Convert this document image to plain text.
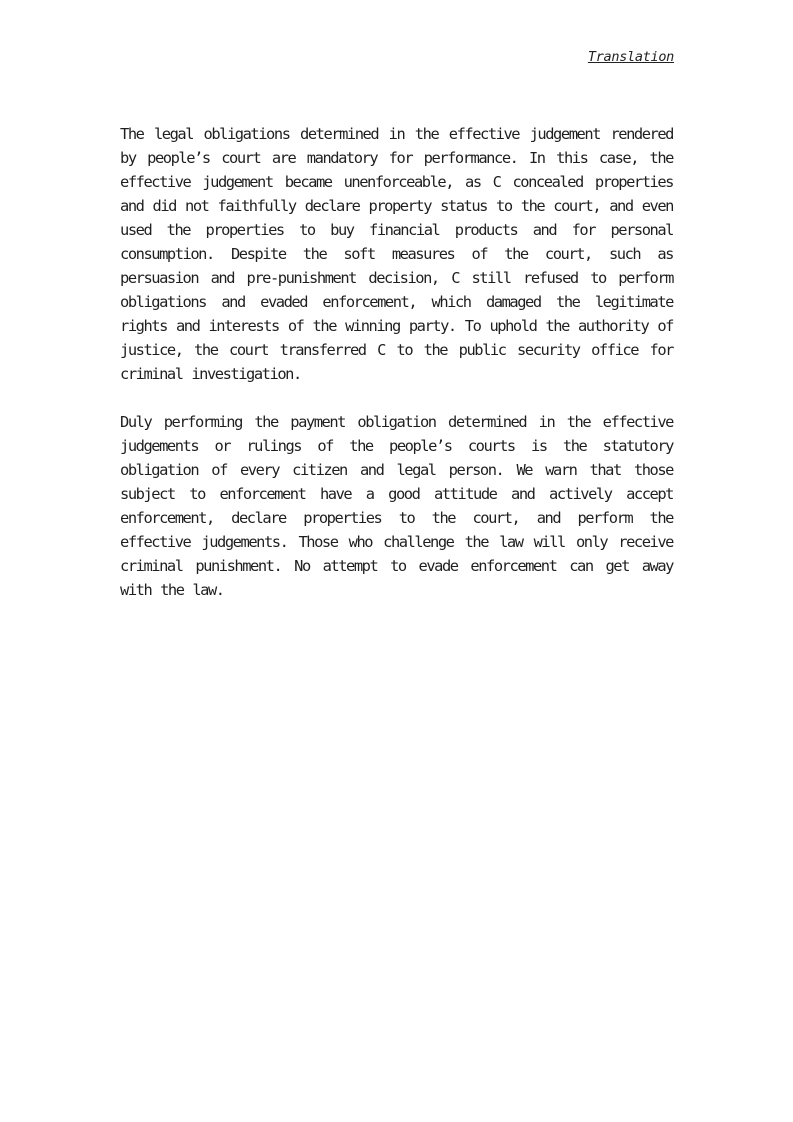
Translation

The legal obligations determined in the effective judgement rendered by people’s court are mandatory for performance. In this case, the effective judgement became unenforceable, as C concealed properties and did not faithfully declare property status to the court, and even used the properties to buy financial products and for personal consumption. Despite the soft measures of the court, such as persuasion and pre-punishment decision, C still refused to perform obligations and evaded enforcement, which damaged the legitimate rights and interests of the winning party. To uphold the authority of justice, the court transferred C to the public security office for criminal investigation.

Duly performing the payment obligation determined in the effective judgements or rulings of the people’s courts is the statutory obligation of every citizen and legal person. We warn that those subject to enforcement have a good attitude and actively accept enforcement, declare properties to the court, and perform the effective judgements. Those who challenge the law will only receive criminal punishment. No attempt to evade enforcement can get away with the law.
